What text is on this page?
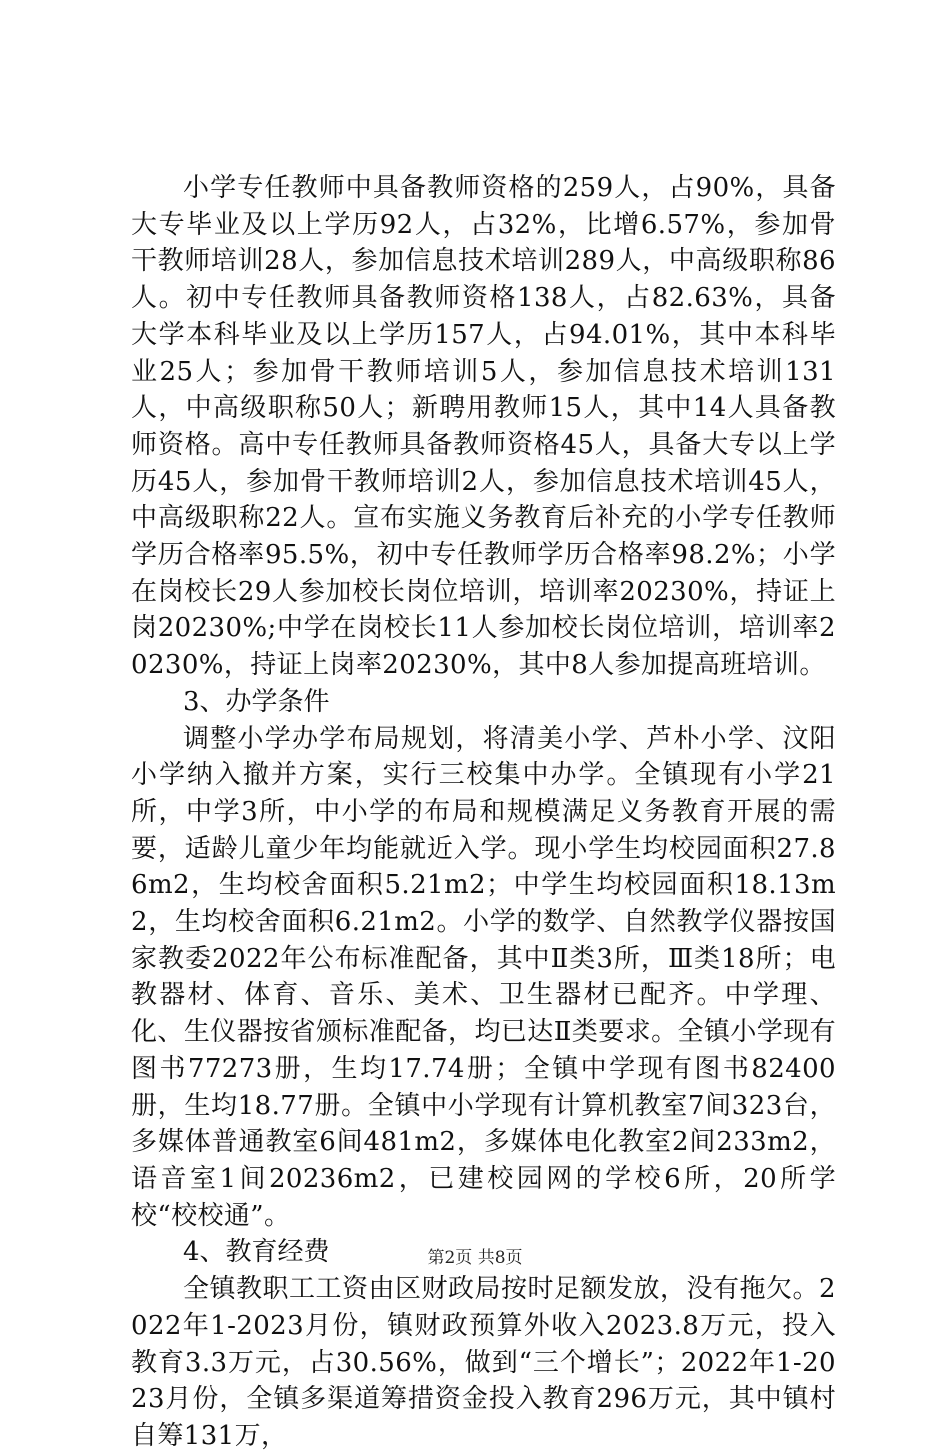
小学专任教师中具备教师资格的259人，占90%，具备大专毕业及以上学历92人，占32%，比增6.57%，参加骨干教师培训28人，参加信息技术培训289人，中高级职称86人。初中专任教师具备教师资格138人，占82.63%，具备大学本科毕业及以上学历157人，占94.01%，其中本科毕业25人；参加骨干教师培训5人，参加信息技术培训131人，中高级职称50人；新聘用教师15人，其中14人具备教师资格。高中专任教师具备教师资格45人，具备大专以上学历45人，参加骨干教师培训2人，参加信息技术培训45人，中高级职称22人。宣布实施义务教育后补充的小学专任教师学历合格率95.5%，初中专任教师学历合格率98.2%；小学在岗校长29人参加校长岗位培训，培训率20230%，持证上岗20230%;中学在岗校长11人参加校长岗位培训，培训率20230%，持证上岗率20230%，其中8人参加提高班培训。

3、办学条件

调整小学办学布局规划，将清美小学、芦朴小学、汶阳小学纳入撤并方案，实行三校集中办学。全镇现有小学21所，中学3所，中小学的布局和规模满足义务教育开展的需要，适龄儿童少年均能就近入学。现小学生均校园面积27.86m2，生均校舍面积5.21m2；中学生均校园面积18.13m2，生均校舍面积6.21m2。小学的数学、自然教学仪器按国家教委2022年公布标准配备，其中Ⅱ类3所，Ⅲ类18所；电教器材、体育、音乐、美术、卫生器材已配齐。中学理、化、生仪器按省颁标准配备，均已达Ⅱ类要求。全镇小学现有图书77273册，生均17.74册；全镇中学现有图书82400册，生均18.77册。全镇中小学现有计算机教室7间323台，多媒体普通教室6间481m2，多媒体电化教室2间233m2，语音室1间20236m2，已建校园网的学校6所，20所学校“校校通”。

4、教育经费

全镇教职工工资由区财政局按时足额发放，没有拖欠。2022年1-2023月份，镇财政预算外收入2023.8万元，投入教育3.3万元，占30.56%，做到“三个增长”；2022年1-2023月份，全镇多渠道筹措资金投入教育296万元，其中镇村自筹131万，

第2页 共8页
